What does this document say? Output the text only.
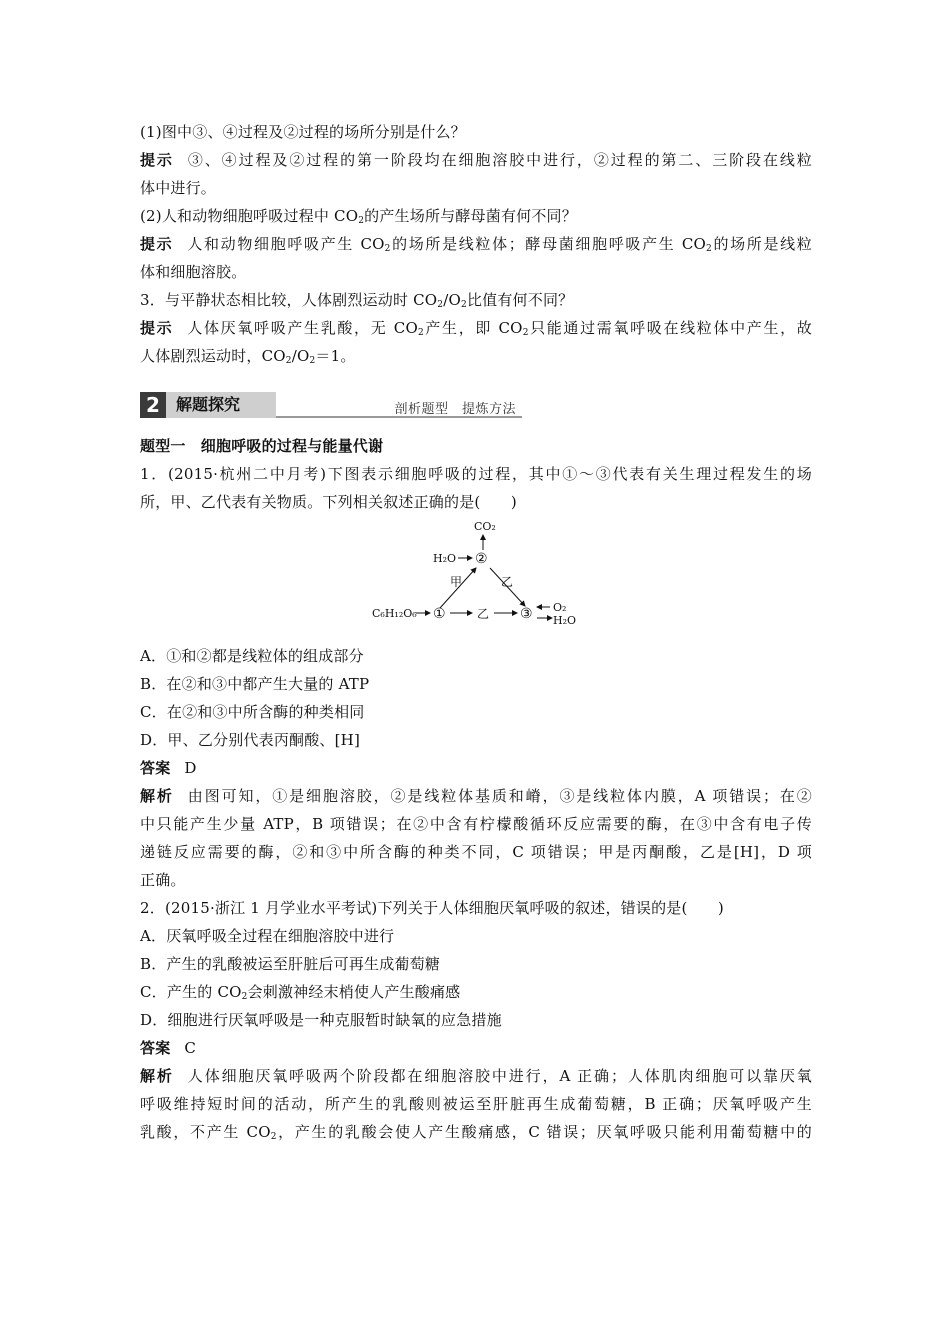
(1)图中③、④过程及②过程的场所分别是什么？
提示 ③、④过程及②过程的第一阶段均在细胞溶胶中进行，②过程的第二、三阶段在线粒
体中进行。
(2)人和动物细胞呼吸过程中 $CO_2$的产生场所与酵母菌有何不同？
提示 人和动物细胞呼吸产生 $CO_2$的场所是线粒体；酵母菌细胞呼吸产生 $CO_2$的场所是线粒
体和细胞溶胶。
3．与平静状态相比较，人体剧烈运动时 $CO_2/O_2$比值有何不同？
提示 人体厌氧呼吸产生乳酸，无 $CO_2$产生，即 $CO_2$只能通过需氧呼吸在线粒体中产生，故
人体剧烈运动时，$CO_2/O_2=1$。
2	解题探究	剖析题型　提炼方法
题型一　细胞呼吸的过程与能量代谢
1．(2015·杭州二中月考)下图表示细胞呼吸的过程，其中①～③代表有关生理过程发生的场
所，甲、乙代表有关物质。下列相关叙述正确的是(　　)
CO₂
H₂O ②
甲	乙
C₆H₁₂O₆ ①	乙 ③ O₂
H₂O
A．①和②都是线粒体的组成部分
B．在②和③中都产生大量的 ATP
C．在②和③中所含酶的种类相同
D．甲、乙分别代表丙酮酸、[H]
答案 D
解析 由图可知，①是细胞溶胶，②是线粒体基质和嵴，③是线粒体内膜，A 项错误；在②
中只能产生少量 ATP，B 项错误；在②中含有柠檬酸循环反应需要的酶，在③中含有电子传
递链反应需要的酶，②和③中所含酶的种类不同，C 项错误；甲是丙酮酸，乙是[H]，D 项
正确。
2．(2015·浙江 1 月学业水平考试)下列关于人体细胞厌氧呼吸的叙述，错误的是(　　)
A．厌氧呼吸全过程在细胞溶胶中进行
B．产生的乳酸被运至肝脏后可再生成葡萄糖
C．产生的 $CO_2$会刺激神经末梢使人产生酸痛感
D．细胞进行厌氧呼吸是一种克服暂时缺氧的应急措施
答案 C
解析 人体细胞厌氧呼吸两个阶段都在细胞溶胶中进行，A 正确；人体肌肉细胞可以靠厌氧
呼吸维持短时间的活动，所产生的乳酸则被运至肝脏再生成葡萄糖，B 正确；厌氧呼吸产生
乳酸，不产生 $CO_2$，产生的乳酸会使人产生酸痛感，C 错误；厌氧呼吸只能利用葡萄糖中的
